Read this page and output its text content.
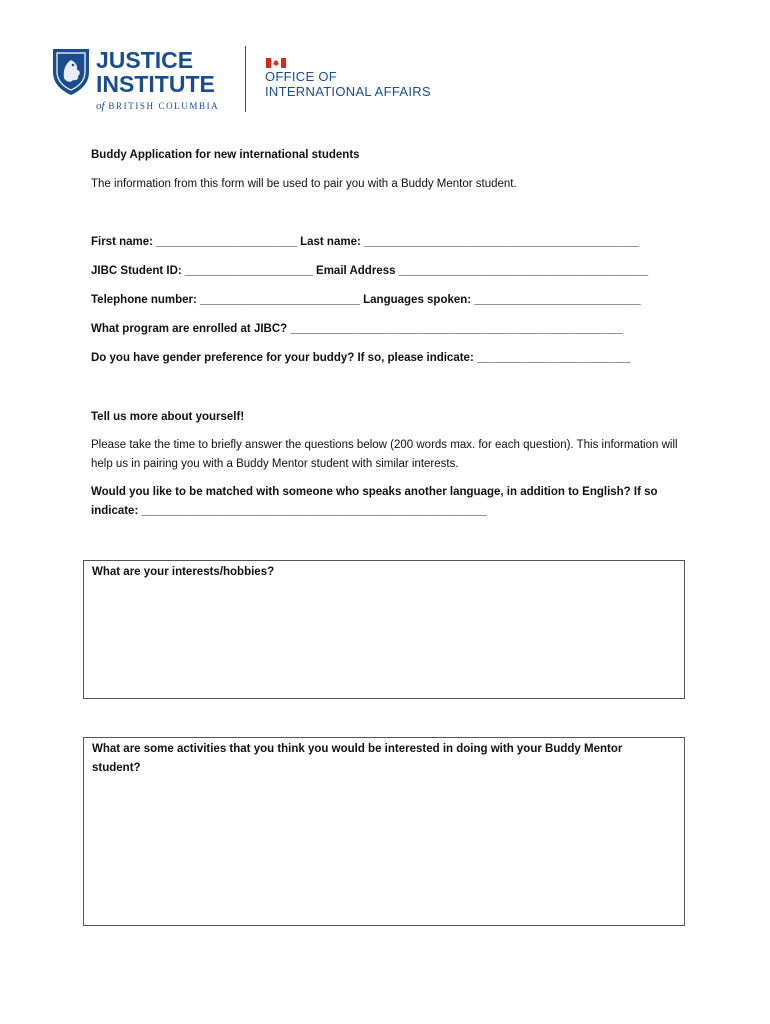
JUSTICE
INSTITUTE
of BRITISH COLUMBIA
OFFICE OF
INTERNATIONAL AFFAIRS
Buddy Application for new international students
The information from this form will be used to pair you with a Buddy Mentor student.
First name: ______________________ Last name: ___________________________________________
JIBC Student ID: ____________________ Email Address _______________________________________
Telephone number: _________________________ Languages spoken: __________________________
What program are enrolled at JIBC? ____________________________________________________
Do you have gender preference for your buddy? If so, please indicate: ________________________
Tell us more about yourself!
Please take the time to briefly answer the questions below (200 words max. for each question). This information will help us in pairing you with a Buddy Mentor student with similar interests.
Would you like to be matched with someone who speaks another language, in addition to English? If so indicate: ______________________________________________________
What are your interests/hobbies?
What are some activities that you think you would be interested in doing with your Buddy Mentor student?
